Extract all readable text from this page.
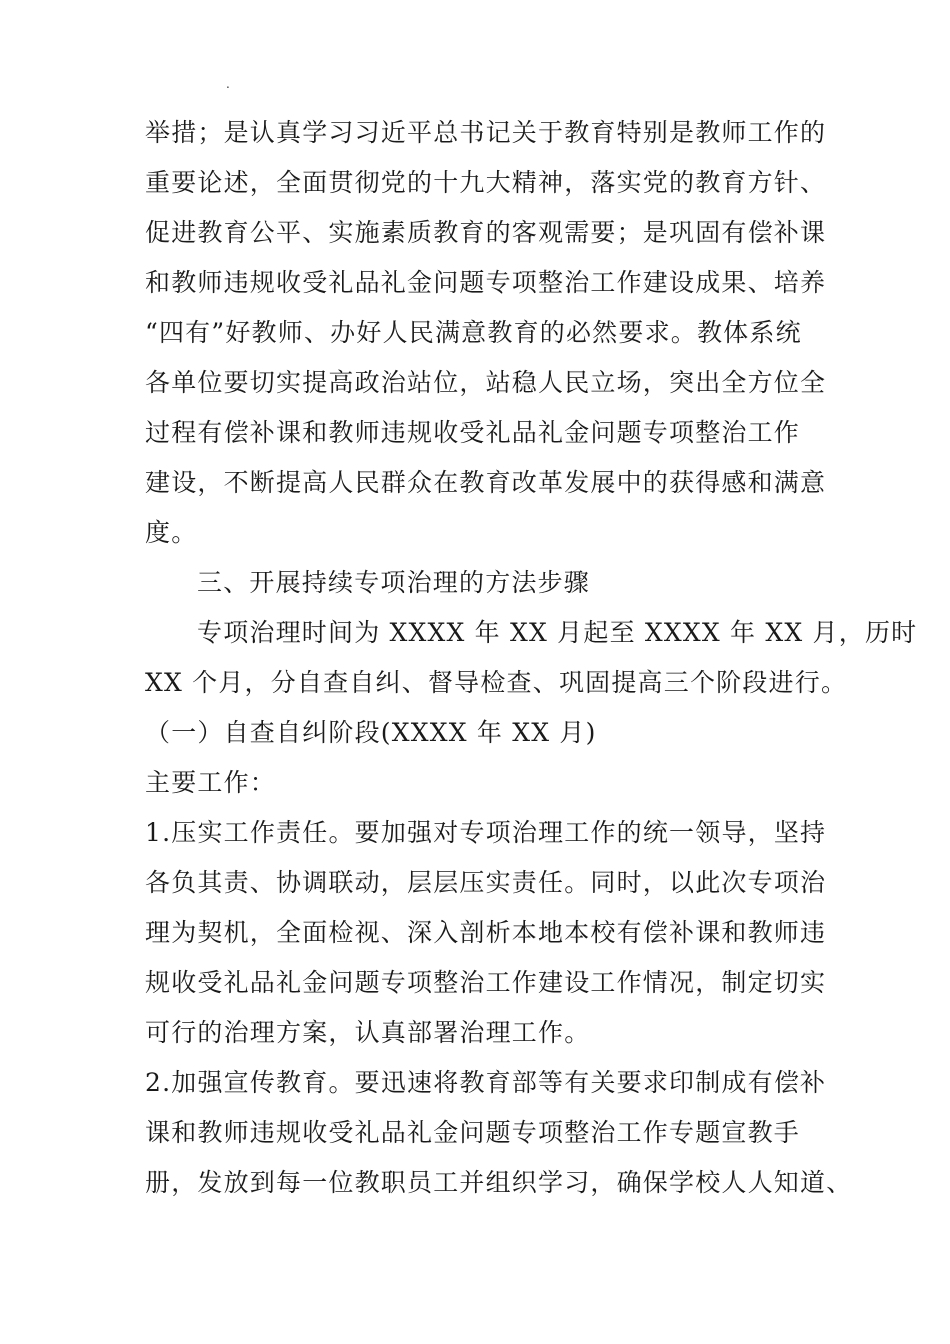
.
举措；是认真学习习近平总书记关于教育特别是教师工作的
重要论述，全面贯彻党的十九大精神，落实党的教育方针、
促进教育公平、实施素质教育的客观需要；是巩固有偿补课
和教师违规收受礼品礼金问题专项整治工作建设成果、培养
“四有”好教师、办好人民满意教育的必然要求。教体系统
各单位要切实提高政治站位，站稳人民立场，突出全方位全
过程有偿补课和教师违规收受礼品礼金问题专项整治工作
建设，不断提高人民群众在教育改革发展中的获得感和满意
度。
三、开展持续专项治理的方法步骤
专项治理时间为 XXXX 年 XX 月起至 XXXX 年 XX 月，历时
XX 个月，分自查自纠、督导检查、巩固提高三个阶段进行。
（一）自查自纠阶段(XXXX 年 XX 月)
主要工作：
1.压实工作责任。要加强对专项治理工作的统一领导，坚持
各负其责、协调联动，层层压实责任。同时，以此次专项治
理为契机，全面检视、深入剖析本地本校有偿补课和教师违
规收受礼品礼金问题专项整治工作建设工作情况，制定切实
可行的治理方案，认真部署治理工作。
2.加强宣传教育。要迅速将教育部等有关要求印制成有偿补
课和教师违规收受礼品礼金问题专项整治工作专题宣教手
册，发放到每一位教职员工并组织学习，确保学校人人知道、
